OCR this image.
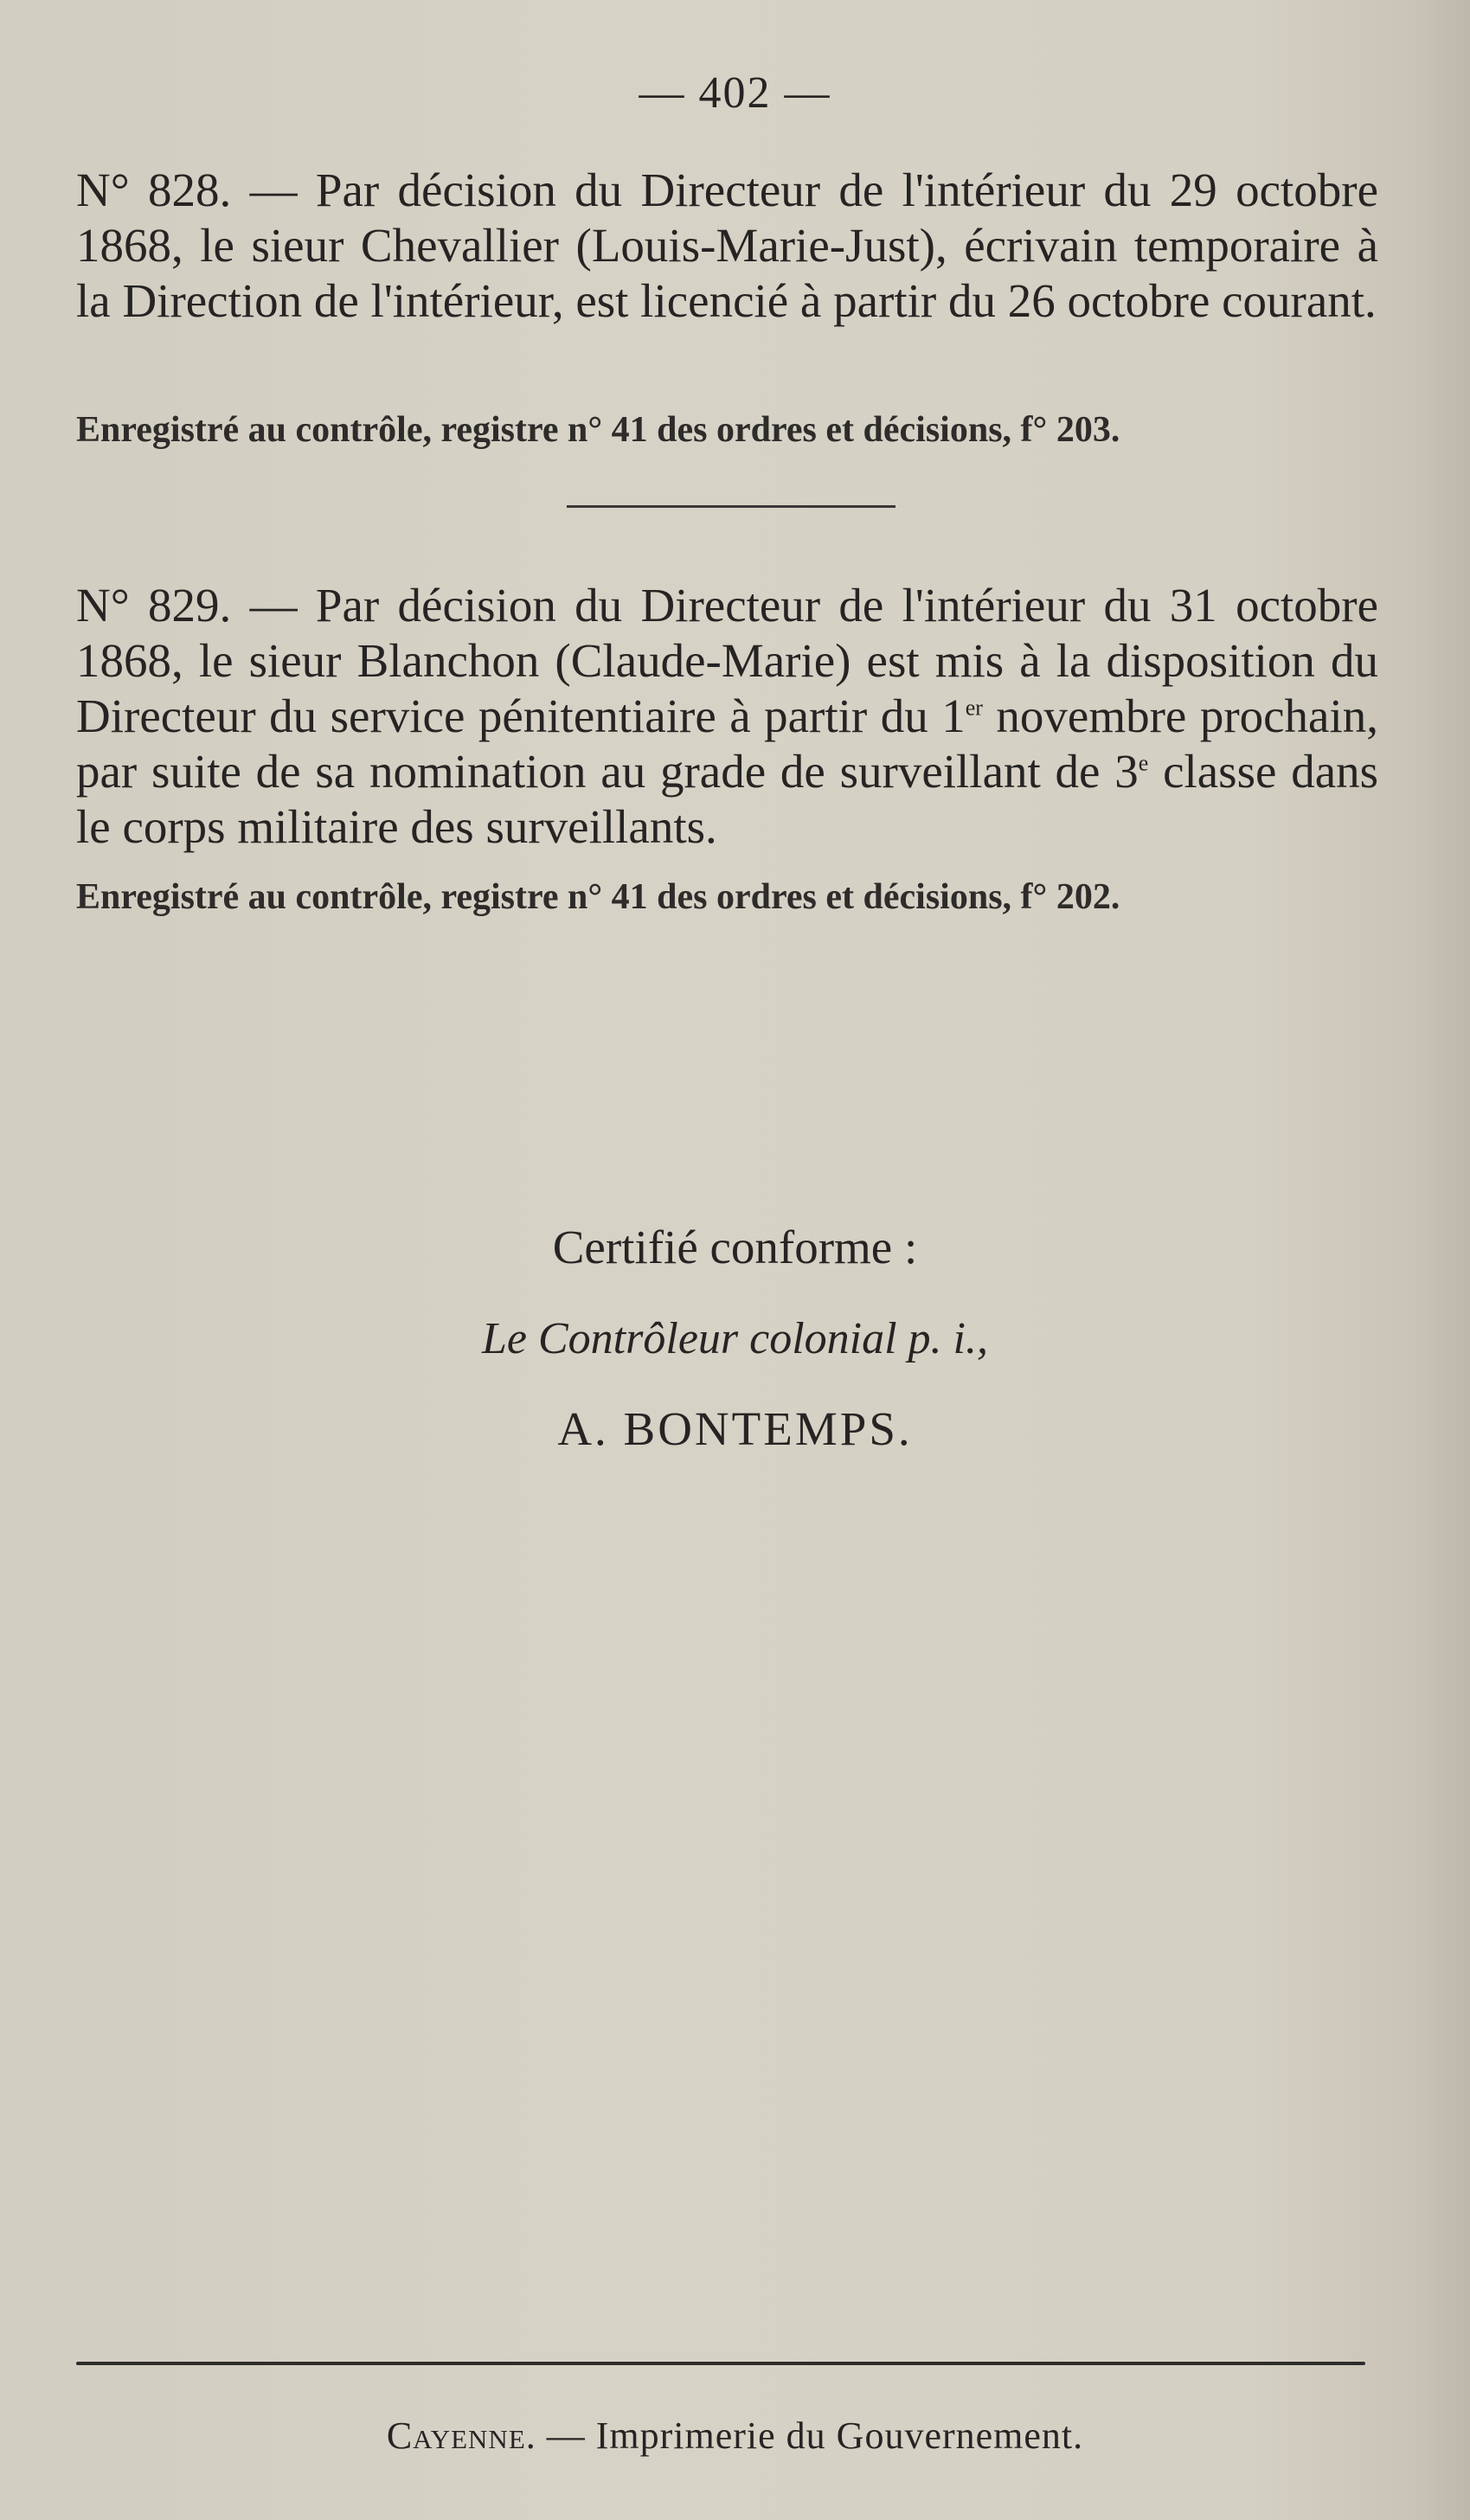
— 402 —
N° 828. — Par décision du Directeur de l'intérieur du 29 octobre 1868, le sieur Chevallier (Louis-Marie-Just), écrivain temporaire à la Direction de l'intérieur, est licencié à partir du 26 octobre courant.
Enregistré au contrôle, registre n° 41 des ordres et décisions, f° 203.
N° 829. — Par décision du Directeur de l'intérieur du 31 octobre 1868, le sieur Blanchon (Claude-Marie) est mis à la disposition du Directeur du service pénitentiaire à partir du 1er novembre prochain, par suite de sa nomination au grade de surveillant de 3e classe dans le corps militaire des surveillants.
Enregistré au contrôle, registre n° 41 des ordres et décisions, f° 202.
Certifié conforme :
Le Contrôleur colonial p. i.,
A. BONTEMPS.
Cayenne. — Imprimerie du Gouvernement.
